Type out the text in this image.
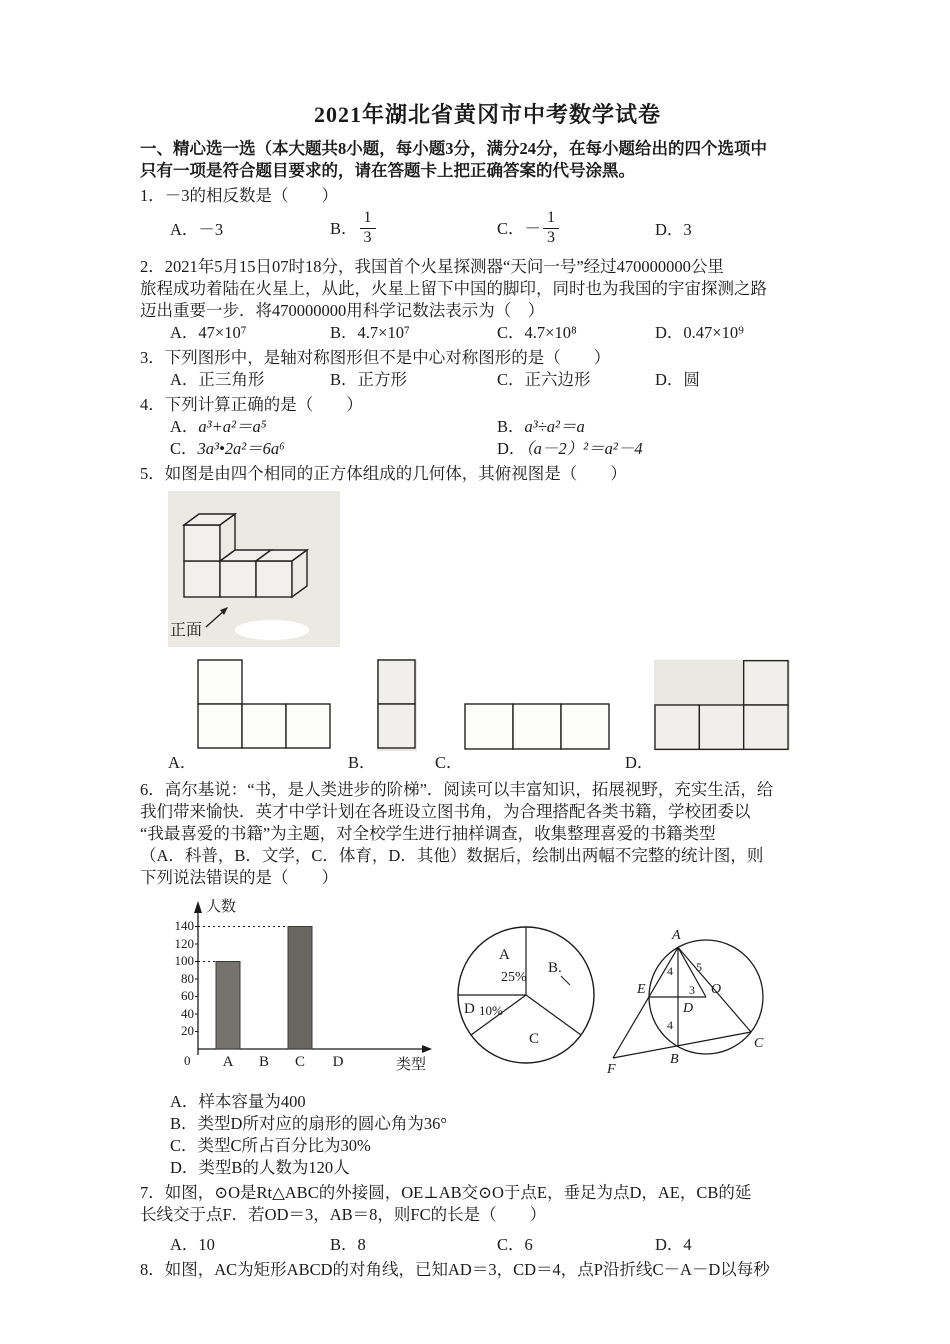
2021年湖北省黄冈市中考数学试卷
一、精心选一选（本大题共8小题，每小题3分，满分24分，在每小题给出的四个选项中
只有一项是符合题目要求的，请在答题卡上把正确答案的代号涂黑。
1．－3的相反数是（　　）
A．－3	B． $\frac{1}{3}$	C．－ $\frac{1}{3}$	D．3
2．2021年5月15日07时18分，我国首个火星探测器“天问一号”经过470000000公里
旅程成功着陆在火星上，从此，火星上留下中国的脚印，同时也为我国的宇宙探测之路
迈出重要一步．将470000000用科学记数法表示为（　）
A．47×10⁷	B．4.7×10⁷	C．4.7×10⁸	D．0.47×10⁹
3．下列图形中，是轴对称图形但不是中心对称图形的是（　　）
A．正三角形	B．正方形	C．正六边形	D．圆
4．下列计算正确的是（　　）
A．a³+a²＝a⁵	B．a³÷a²＝a
C．3a³•2a²＝6a⁶	D．（a－2）²＝a²－4
5．如图是由四个相同的正方体组成的几何体，其俯视图是（　　）
正面
A．	B．	C．	D．
6．高尔基说：“书，是人类进步的阶梯”．阅读可以丰富知识，拓展视野，充实生活，给
我们带来愉快．英才中学计划在各班设立图书角，为合理搭配各类书籍，学校团委以
“我最喜爱的书籍”为主题，对全校学生进行抽样调查，收集整理喜爱的书籍类型
（A．科普，B．文学，C．体育，D．其他）数据后，绘制出两幅不完整的统计图，则
下列说法错误的是（　　）
人数
类型
0
20
40
60
80
100
120
140
A B C D
A
25%
B.
C
D 10%
A
E	O
D
F
B
C
4 5
3
4
A．样本容量为400
B．类型D所对应的扇形的圆心角为36°
C．类型C所占百分比为30%
D．类型B的人数为120人
7．如图，⊙O是Rt△ABC的外接圆，OE⊥AB交⊙O于点E，垂足为点D，AE，CB的延
长线交于点F．若OD＝3，AB＝8，则FC的长是（　　）
A．10	B．8	C．6	D．4
8．如图，AC为矩形ABCD的对角线，已知AD＝3，CD＝4，点P沿折线C－A－D以每秒
